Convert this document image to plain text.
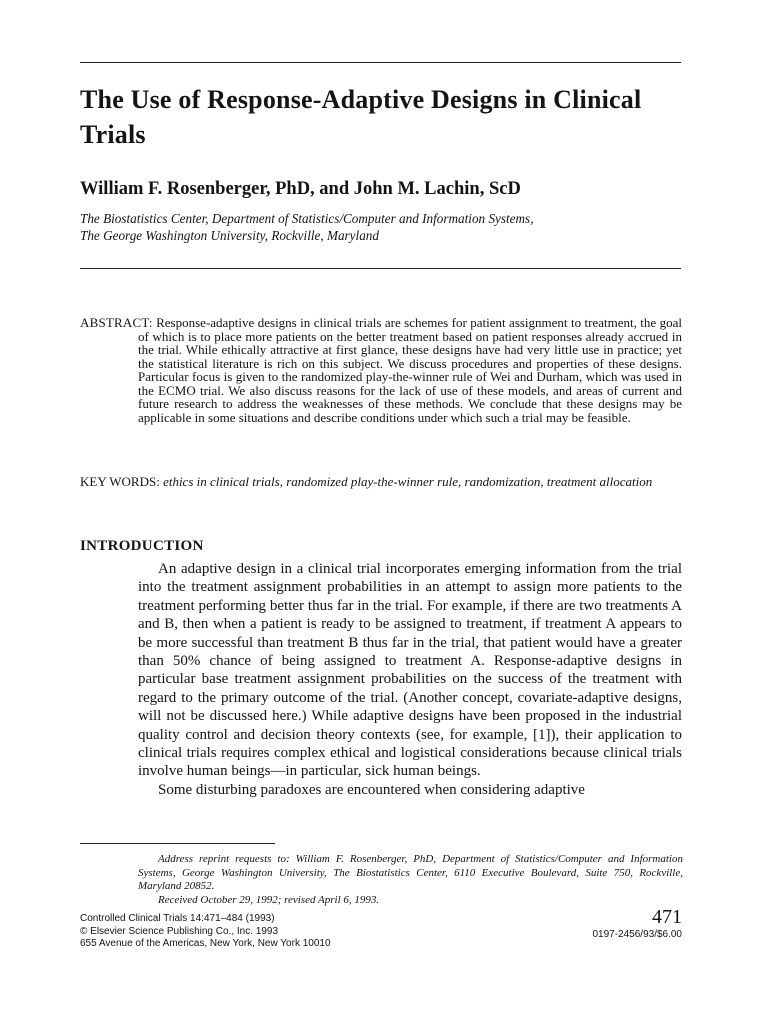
The Use of Response-Adaptive Designs in Clinical Trials
William F. Rosenberger, PhD, and John M. Lachin, ScD
The Biostatistics Center, Department of Statistics/Computer and Information Systems,
The George Washington University, Rockville, Maryland
ABSTRACT: Response-adaptive designs in clinical trials are schemes for patient assignment to treatment, the goal of which is to place more patients on the better treatment based on patient responses already accrued in the trial. While ethically attractive at first glance, these designs have had very little use in practice; yet the statistical literature is rich on this subject. We discuss procedures and properties of these designs. Particular focus is given to the randomized play-the-winner rule of Wei and Durham, which was used in the ECMO trial. We also discuss reasons for the lack of use of these models, and areas of current and future research to address the weaknesses of these methods. We conclude that these designs may be applicable in some situations and describe conditions under which such a trial may be feasible.
KEY WORDS: ethics in clinical trials, randomized play-the-winner rule, randomization, treatment allocation
INTRODUCTION

An adaptive design in a clinical trial incorporates emerging information from the trial into the treatment assignment probabilities in an attempt to assign more patients to the treatment performing better thus far in the trial. For example, if there are two treatments A and B, then when a patient is ready to be assigned to treatment, if treatment A appears to be more successful than treatment B thus far in the trial, that patient would have a greater than 50% chance of being assigned to treatment A. Response-adaptive designs in particular base treatment assignment probabilities on the success of the treatment with regard to the primary outcome of the trial. (Another concept, covariate-adaptive designs, will not be discussed here.) While adaptive designs have been proposed in the industrial quality control and decision theory contexts (see, for example, [1]), their application to clinical trials requires complex ethical and logistical considerations because clinical trials involve human beings—in particular, sick human beings.

Some disturbing paradoxes are encountered when considering adaptive

Address reprint requests to: William F. Rosenberger, PhD, Department of Statistics/Computer and Information Systems, George Washington University, The Biostatistics Center, 6110 Executive Boulevard, Suite 750, Rockville, Maryland 20852.

Received October 29, 1992; revised April 6, 1993.

Controlled Clinical Trials 14:471–484 (1993)
© Elsevier Science Publishing Co., Inc. 1993
655 Avenue of the Americas, New York, New York 10010
471
0197-2456/93/$6.00
